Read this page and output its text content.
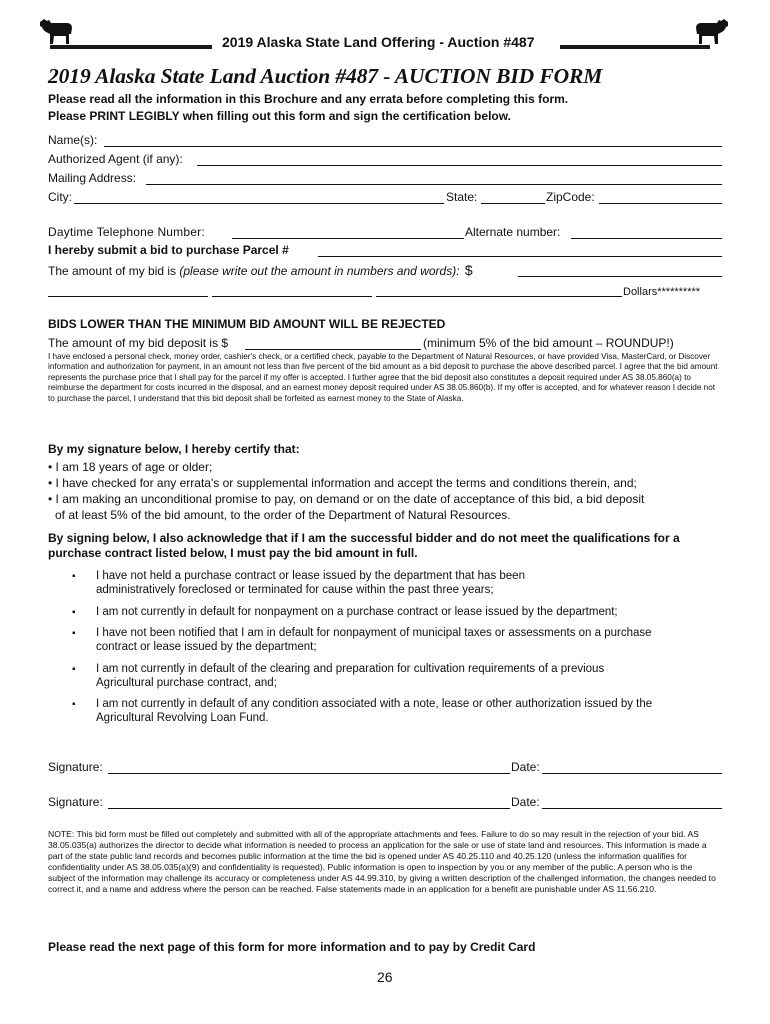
2019 Alaska State Land Offering - Auction #487
2019 Alaska State Land Auction #487 - AUCTION BID FORM
Please read all the information in this Brochure and any errata before completing this form.
Please PRINT LEGIBLY when filling out this form and sign the certification below.
Name(s):
Authorized Agent (if any):
Mailing Address:
City:	State:	ZipCode:
Daytime Telephone Number:	Alternate number:
I hereby submit a bid to purchase Parcel #
The amount of my bid is (please write out the amount in numbers and words): $
Dollars**********
BIDS LOWER THAN THE MINIMUM BID AMOUNT WILL BE REJECTED
The amount of my bid deposit is $	(minimum 5% of the bid amount – ROUNDUP!)
I have enclosed a personal check, money order, cashier's check, or a certified check, payable to the Department of Natural Resources, or have provided Visa, MasterCard, or Discover information and authorization for payment, in an amount not less than five percent of the bid amount as a bid deposit to purchase the above described parcel. I agree that the bid amount represents the purchase price that I shall pay for the parcel if my offer is accepted. I further agree that the bid deposit also constitutes a deposit required under AS 38.05.860(a) to reimburse the department for costs incurred in the disposal, and an earnest money deposit required under AS 38.05.860(b). If my offer is accepted, and for whatever reason I decide not to purchase the parcel, I understand that this bid deposit shall be forfeited as earnest money to the State of Alaska.
By my signature below, I hereby certify that:
• I am 18 years of age or older;
• I have checked for any errata's or supplemental information and accept the terms and conditions therein, and;
• I am making an unconditional promise to pay, on demand or on the date of acceptance of this bid, a bid deposit
of at least 5% of the bid amount, to the order of the Department of Natural Resources.
By signing below, I also acknowledge that if I am the successful bidder and do not meet the qualifications for a purchase contract listed below, I must pay the bid amount in full.
▪ I have not held a purchase contract or lease issued by the department that has been administratively foreclosed or terminated for cause within the past three years;
▪ I am not currently in default for nonpayment on a purchase contract or lease issued by the department;
▪ I have not been notified that I am in default for nonpayment of municipal taxes or assessments on a purchase contract or lease issued by the department;
▪ I am not currently in default of the clearing and preparation for cultivation requirements of a previous Agricultural purchase contract, and;
▪ I am not currently in default of any condition associated with a note, lease or other authorization issued by the Agricultural Revolving Loan Fund.
Signature:	Date:
Signature:	Date:
NOTE: This bid form must be filled out completely and submitted with all of the appropriate attachments and fees. Failure to do so may result in the rejection of your bid. AS 38.05.035(a) authorizes the director to decide what information is needed to process an application for the sale or use of state land and resources. This information is made a part of the state public land records and becomes public information at the time the bid is opened under AS 40.25.110 and 40.25.120 (unless the information qualifies for confidentiality under AS 38.05.035(a)(9) and confidentiality is requested). Public information is open to inspection by you or any member of the public. A person who is the subject of the information may challenge its accuracy or completeness under AS 44.99.310, by giving a written description of the challenged information, the changes needed to correct it, and a name and address where the person can be reached. False statements made in an application for a benefit are punishable under AS 11.56.210.
Please read the next page of this form for more information and to pay by Credit Card
26
